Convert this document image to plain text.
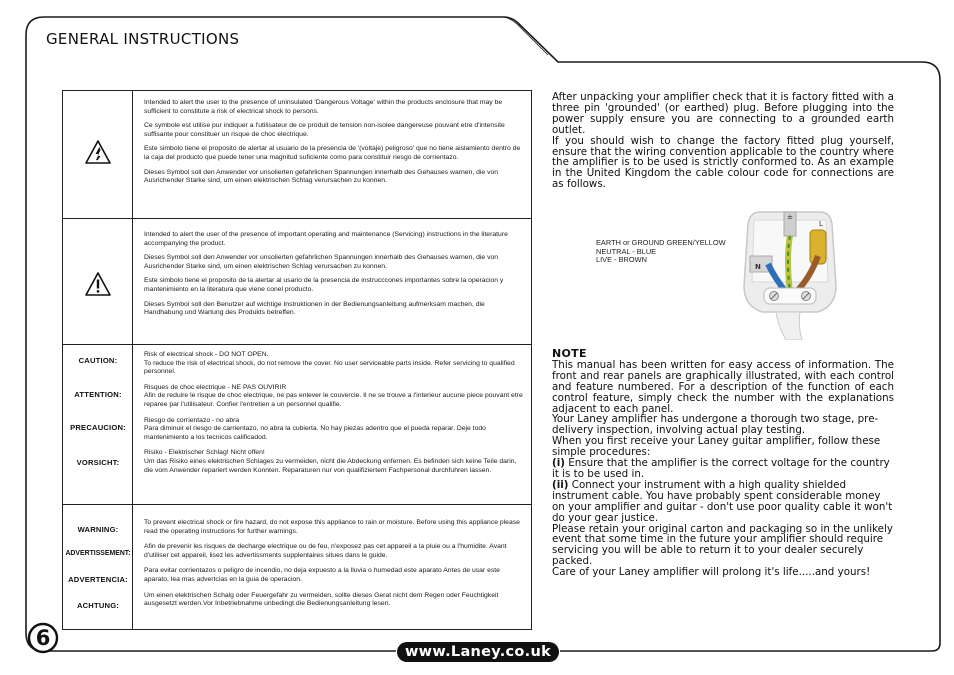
GENERAL INSTRUCTIONS
6
www.Laney.co.uk

Intended to alert the user to the presence of uninsulated 'Dangerous Voltage' within the products enclosure that may be sufficient to constitute a risk of electrical shock to persons.

Ce symbole est utilise pur indiquer a l'utilisateur de ce produit de tension non-isolee dangereuse pouvant etre d'intensite suffisante pour constituer un risque de choc electrique.

Este simbolo tiene el proposito de alertar al usuario de la presencia de '(voltaje) peligroso' que no tiene aislamiento dentro de la caja del producto que puede tener una magnitud suficiente como para constituir riesgo de corrientazo.

Dieses Symbol soll den Anwender vor unsolierten gefahrlichen Spannungen innerhalb des Gehauses warnen, die von Ausrichender Starke sind, um einen elektrischen Schlag verursachen zu konnen.

Intended to alert the user of the presence of important operating and maintenance (Servicing) instructions in the literature accompanying the product.

Dieses Symbol soll den Anwender vor unsolierten gefahrlichen Spannungen innerhalb des Gehauses warnen, die von Ausrichender Starke sind, um einen elektrischen Schlag verursachen zu konnen.

Este simbolo tiene el proposito de la alertar al usario de la presencia de instrucccones importantes sobre la operacion y mantenimiento en la literatura que viene conel producto.

Dieses Symbol soll den Benutzer auf wichtige Instruktionen in der Bedienungsanleitung aufmerksam machen, die Handhabung und Wartung des Produkts betreffen.

CAUTION:
ATTENTION:
PRECAUCION:
VORSICHT:

Risk of electrical shock - DO NOT OPEN.
To reduce the risk of electrical shock, do not remove the cover. No user serviceable parts inside. Refer servicing to qualified personnel.

Risques de choc electrique - NE PAS OUVIRIR
Afin de reduire le risque de choc electrique, ne pas enlever le couvercle. Il ne se trouve a l'interieur aucune piece pouvant etre reparee par l'utilisateur. Confier l'entretien a un personnel qualifie.

Riesgo de corrientazo - no abra
Para diminuir el riesgo de carrientazo, no abra la cubierta. No hay piezas adentro que el pueda reparar. Deje todo mantenimiento a los tecnicos calificadod.

Risiko - Elektrischer Schlag! Nicht offen!
Um das Risiko eines elektrischen Schlages zu vermeiden, nicht die Abdeckung enfernen. Es befinden sich keine Teile darin, die vom Anwender repariert werden Konnten. Reparaturen nur von qualifiziertem Fachpersonal durchfuhren lassen.

WARNING:
ADVERTISSEMENT:
ADVERTENCIA:
ACHTUNG:

To prevent electrical shock or fire hazard, do not expose this appliance to rain or moisture. Before using this appliance please read the operating instructions for further warnings.

Afin de prevenir les risques de decharge electrique ou de feu, n'exposez pas cet appareil a la pluie ou a l'humidite. Avant d'utiliser cet appareil, lisez les advertissments supplentaires situes dans le guide.

Para evitar corrientazos o peligro de incendio, no deja expuesto a la lluvia o humedad este aparato Antes de usar este aparato, lea mas advertcias en la guia de operacion.

Um einen elektrischen Schalg oder Feuergefahr zu vermeiden, sollte dieses Gerat nicht dem Regen oder Feuchtigkeit ausgesetzt werden.Vor Inbetriebnahme unbedingt die Bedienungsanleitung lesen.

After unpacking your amplifier check that it is factory fitted with a three pin 'grounded' (or earthed) plug. Before plugging into the power supply ensure you are connecting to a grounded earth outlet.

If you should wish to change the factory fitted plug yourself, ensure that the wiring convention applicable to the country where the amplifier is to be used is strictly conformed to. As an example in the United Kingdom the cable colour code for connections are as follows.

EARTH or GROUND GREEN/YELLOW
NEUTRAL - BLUE
LIVE - BROWN
±
L
N

NOTE

This manual has been written for easy access of information. The front and rear panels are graphically illustrated, with each control and feature numbered. For a description of the function of each control feature, simply check the number with the explanations adjacent to each panel.

Your Laney amplifier has undergone a thorough two stage, pre-delivery inspection, involving actual play testing.

When you first receive your Laney guitar amplifier, follow these simple procedures:

(i) Ensure that the amplifier is the correct voltage for the country it is to be used in.

(ii) Connect your instrument with a high quality shielded instrument cable. You have probably spent considerable money on your amplifier and guitar - don't use poor quality cable it won't do your gear justice.

Please retain your original carton and packaging so in the unlikely event that some time in the future your amplifier should require servicing you will be able to return it to your dealer securely packed.

Care of your Laney amplifier will prolong it's life.....and yours!
